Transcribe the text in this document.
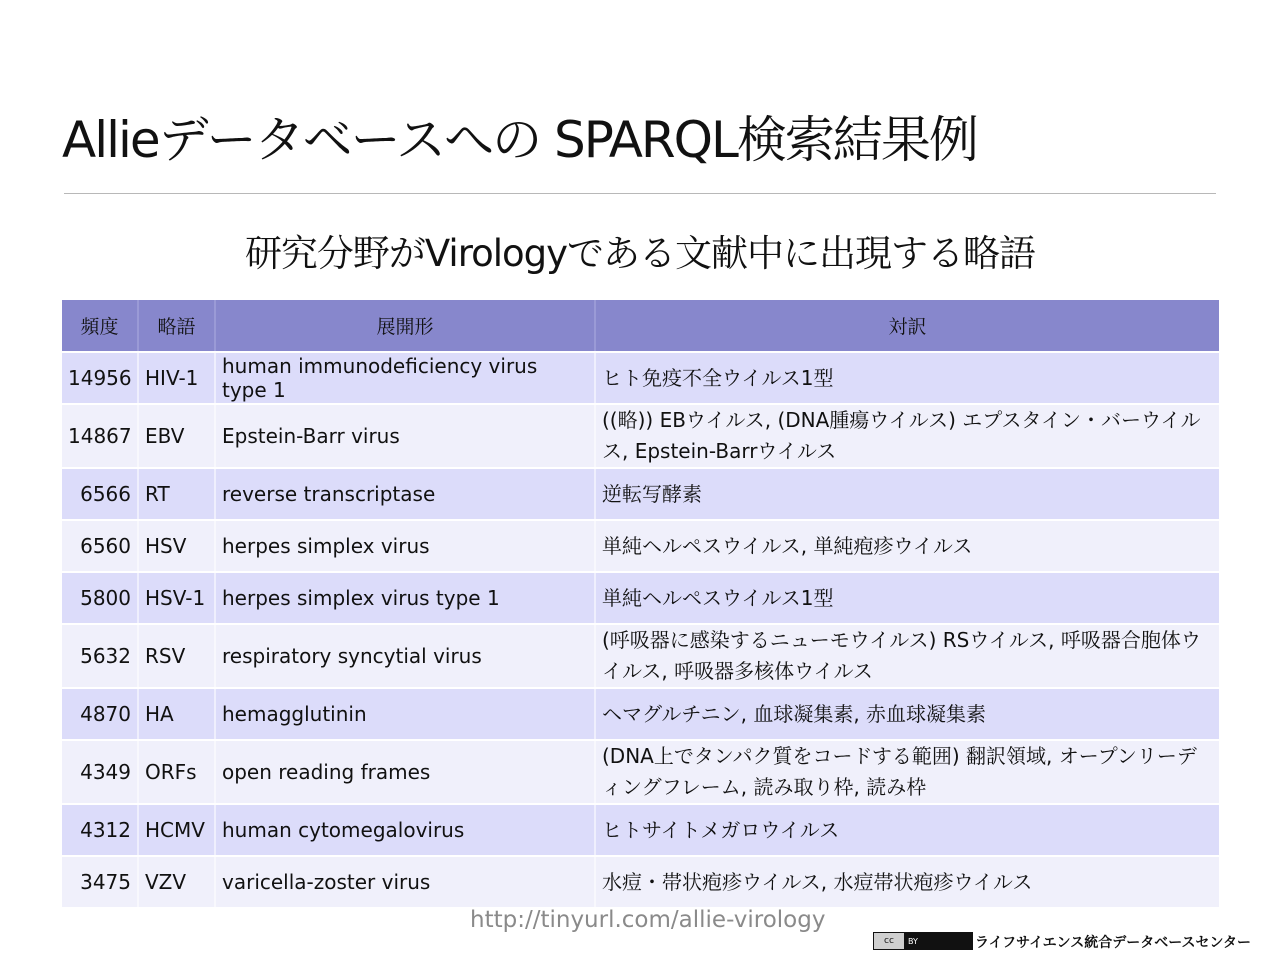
Allieデータベースへの SPARQL検索結果例
研究分野がVirologyである文献中に出現する略語
頻度	略語	展開形	対訳
14956	HIV-1	human immunodeficiency virus type 1	ヒト免疫不全ウイルス1型
14867	EBV	Epstein-Barr virus	((略)) EBウイルス, (DNA腫瘍ウイルス) エプスタイン・バーウイルス, Epstein-Barrウイルス
6566	RT	reverse transcriptase	逆転写酵素
6560	HSV	herpes simplex virus	単純ヘルペスウイルス, 単純疱疹ウイルス
5800	HSV-1	herpes simplex virus type 1	単純ヘルペスウイルス1型
5632	RSV	respiratory syncytial virus	(呼吸器に感染するニューモウイルス) RSウイルス, 呼吸器合胞体ウイルス, 呼吸器多核体ウイルス
4870	HA	hemagglutinin	ヘマグルチニン, 血球凝集素, 赤血球凝集素
4349	ORFs	open reading frames	(DNA上でタンパク質をコードする範囲) 翻訳領域, オープンリーディングフレーム, 読み取り枠, 読み枠
4312	HCMV	human cytomegalovirus	ヒトサイトメガロウイルス
3475	VZV	varicella-zoster virus	水痘・帯状疱疹ウイルス, 水痘帯状疱疹ウイルス
http://tinyurl.com/allie-virology
cc	BY	ライフサイエンス統合データベースセンター
